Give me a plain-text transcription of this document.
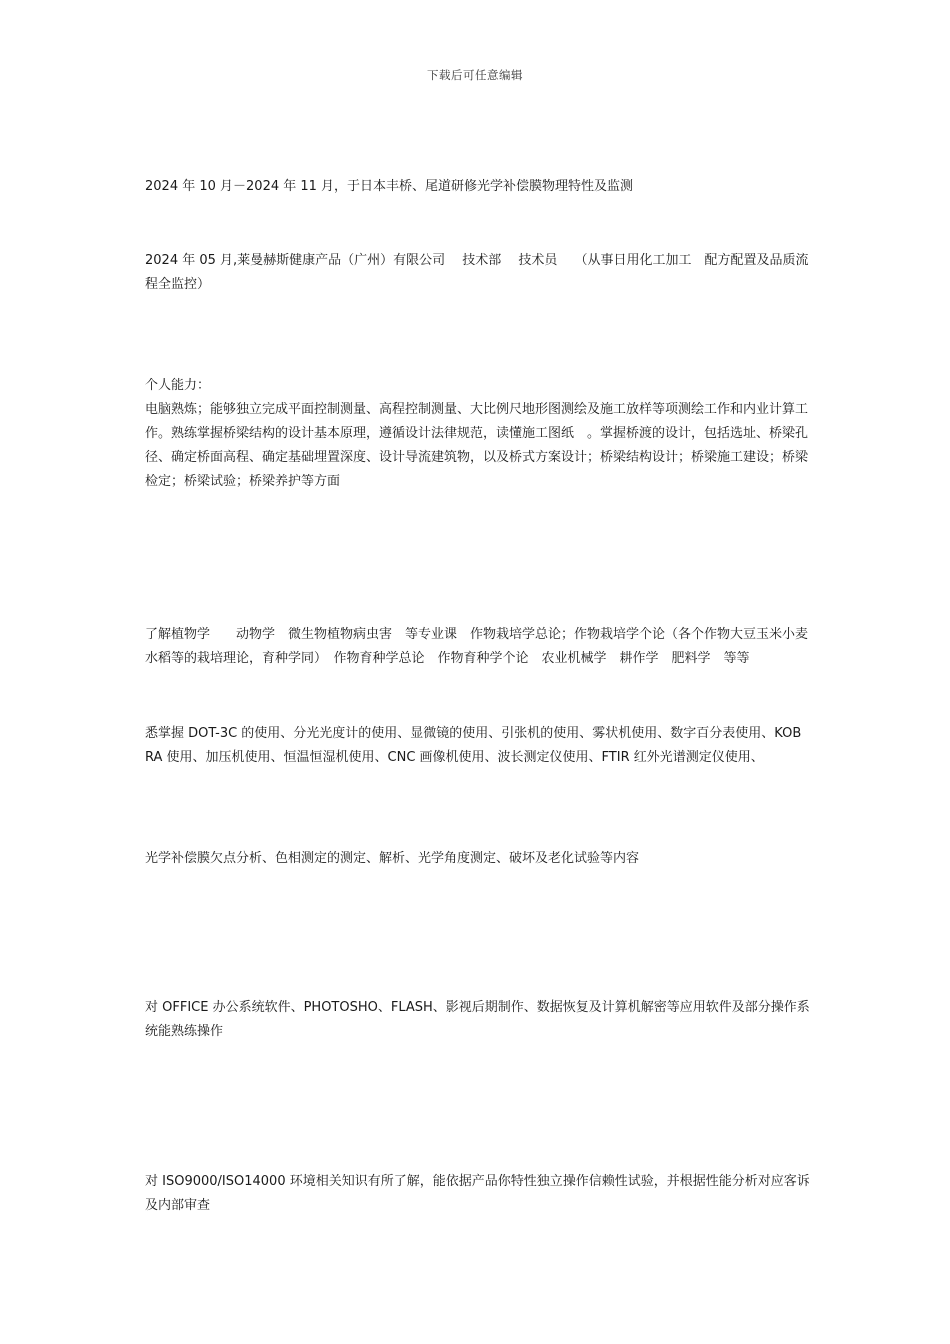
下载后可任意编辑

2024 年 10 月－2024 年 11 月，于日本丰桥、尾道研修光学补偿膜物理特性及监测

2024 年 05 月,莱曼赫斯健康产品（广州）有限公司　 技术部　 技术员　 （从事日用化工加工　配方配置及品质流程全监控）

个人能力：
电脑熟炼；能够独立完成平面控制测量、高程控制测量、大比例尺地形图测绘及施工放样等项测绘工作和内业计算工作。熟练掌握桥梁结构的设计基本原理，遵循设计法律规范，读懂施工图纸　。掌握桥渡的设计，包括选址、桥梁孔径、确定桥面高程、确定基础埋置深度、设计导流建筑物，以及桥式方案设计；桥梁结构设计；桥梁施工建设；桥梁检定；桥梁试验；桥梁养护等方面

了解植物学　　动物学　微生物植物病虫害　等专业课　作物栽培学总论；作物栽培学个论（各个作物大豆玉米小麦水稻等的栽培理论，育种学同）　作物育种学总论　作物育种学个论　农业机械学　耕作学　肥料学　等等

悉掌握 DOT-3C 的使用、分光光度计的使用、显微镜的使用、引张机的使用、雾状机使用、数字百分表使用、KOBRA 使用、加压机使用、恒温恒湿机使用、CNC 画像机使用、波长测定仪使用、FTIR 红外光谱测定仪使用、

光学补偿膜欠点分析、色相测定的测定、解析、光学角度测定、破坏及老化试验等内容

对 OFFICE 办公系统软件、PHOTOSHO、FLASH、影视后期制作、数据恢复及计算机解密等应用软件及部分操作系统能熟练操作

对 ISO9000/ISO14000 环境相关知识有所了解，能依据产品你特性独立操作信赖性试验，并根据性能分析对应客诉及内部审查
